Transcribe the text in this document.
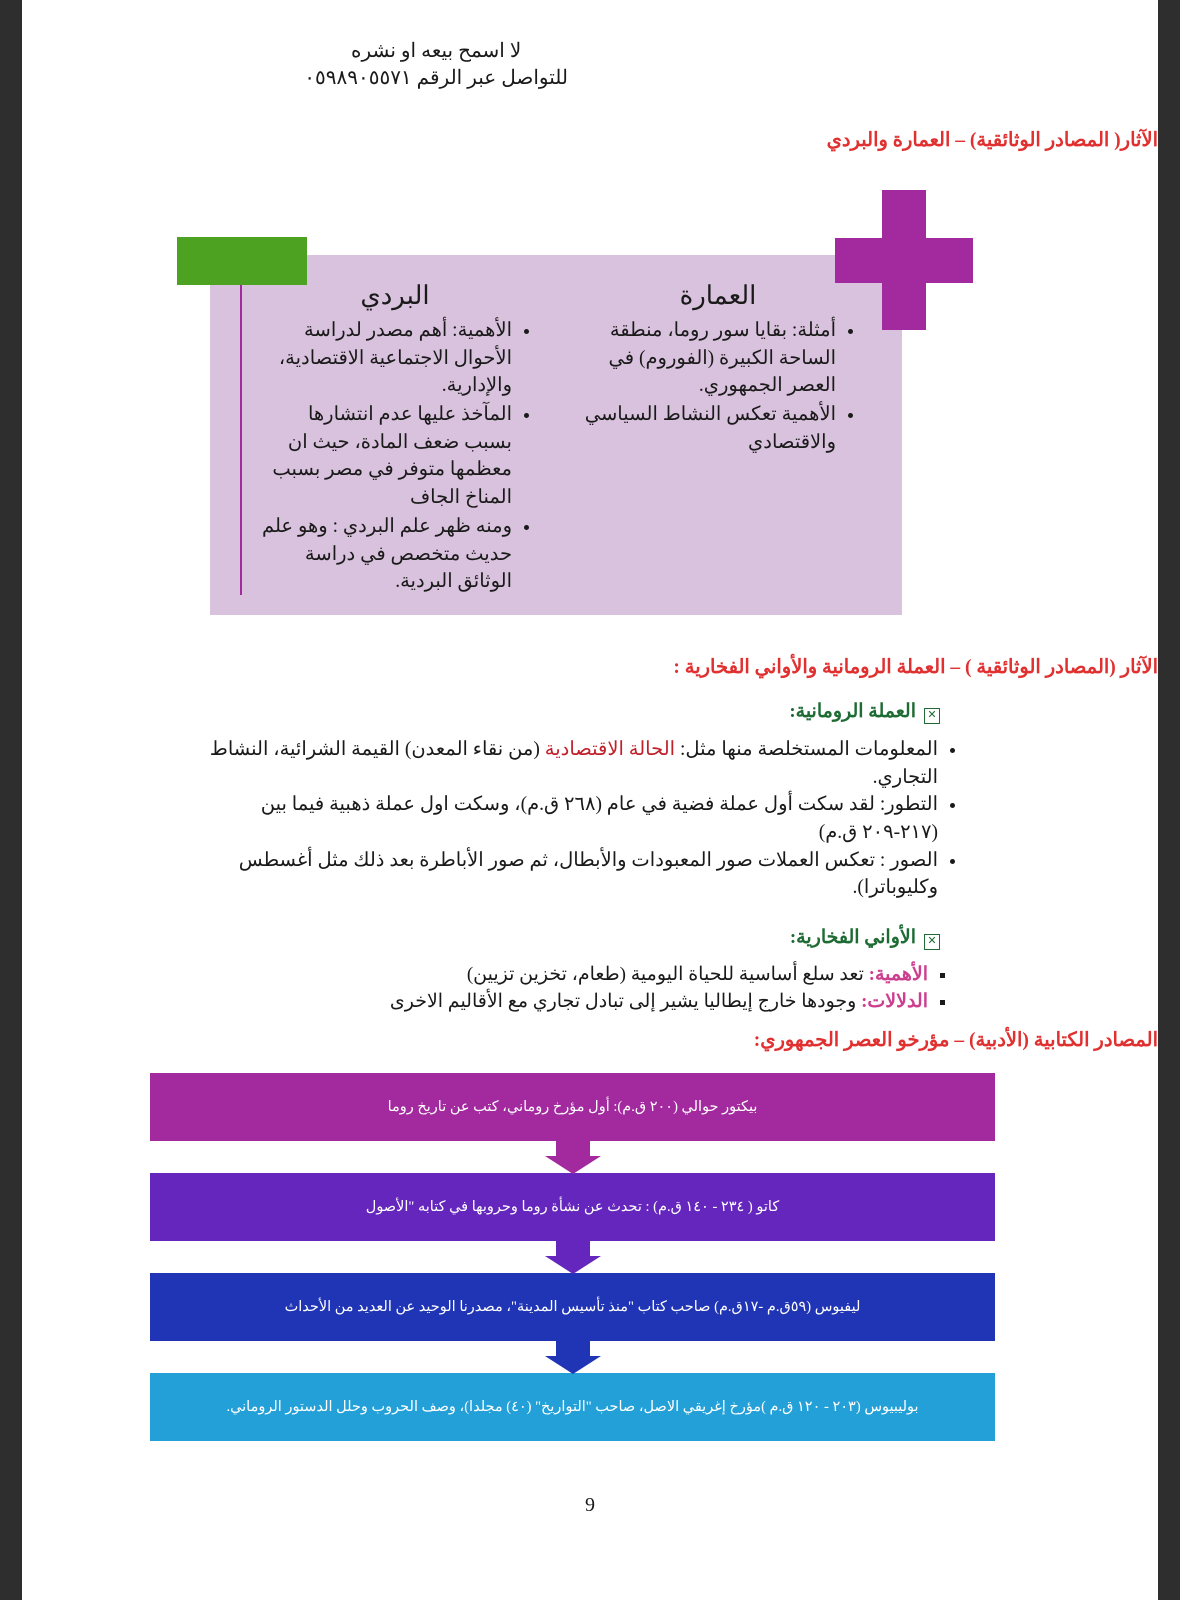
لا اسمح بيعه او نشره
للتواصل عبر الرقم ٠٥٩٨٩٠٥٥٧١
الآثار( المصادر الوثائقية) – العمارة والبردي
العمارة
• أمثلة: بقايا سور روما، منطقة الساحة الكبيرة (الفوروم) في العصر الجمهوري.
• الأهمية تعكس النشاط السياسي والاقتصادي
البردي
• الأهمية: أهم مصدر لدراسة الأحوال الاجتماعية الاقتصادية، والإدارية.
• المآخذ عليها عدم انتشارها بسبب ضعف المادة، حيث ان معظمها متوفر في مصر بسبب المناخ الجاف
• ومنه ظهر علم البردي : وهو علم حديث متخصص في دراسة الوثائق البردية.
الآثار (المصادر الوثائقية ) – العملة الرومانية والأواني الفخارية :
✕العملة الرومانية:
• المعلومات المستخلصة منها مثل: الحالة الاقتصادية (من نقاء المعدن) القيمة الشرائية، النشاط التجاري.
• التطور: لقد سكت أول عملة فضية في عام (٢٦٨ ق.م)، وسكت اول عملة ذهبية فيما بين (٢١٧-٢٠٩ ق.م)
• الصور : تعكس العملات صور المعبودات والأبطال، ثم صور الأباطرة بعد ذلك مثل أغسطس وكليوباترا).
✕الأواني الفخارية:
▪ الأهمية: تعد سلع أساسية للحياة اليومية (طعام، تخزين تزيين)
▪ الدلالات: وجودها خارج إيطاليا يشير إلى تبادل تجاري مع الأقاليم الاخرى
المصادر الكتابية (الأدبية) – مؤرخو العصر الجمهوري:
بيكتور حوالي (٢٠٠ ق.م): أول مؤرخ روماني، كتب عن تاريخ روما
كاتو ( ٢٣٤ - ١٤٠ ق.م) : تحدث عن نشأة روما وحروبها في كتابه "الأصول
ليفيوس (٥٩ق.م -١٧ق.م) صاحب كتاب "منذ تأسيس المدينة"، مصدرنا الوحيد عن العديد من الأحداث
بوليبيوس (٢٠٣ - ١٢٠ ق.م )مؤرخ إغريقي الاصل، صاحب "التواريخ" (٤٠) مجلدا)، وصف الحروب وحلل الدستور الروماني.
9
